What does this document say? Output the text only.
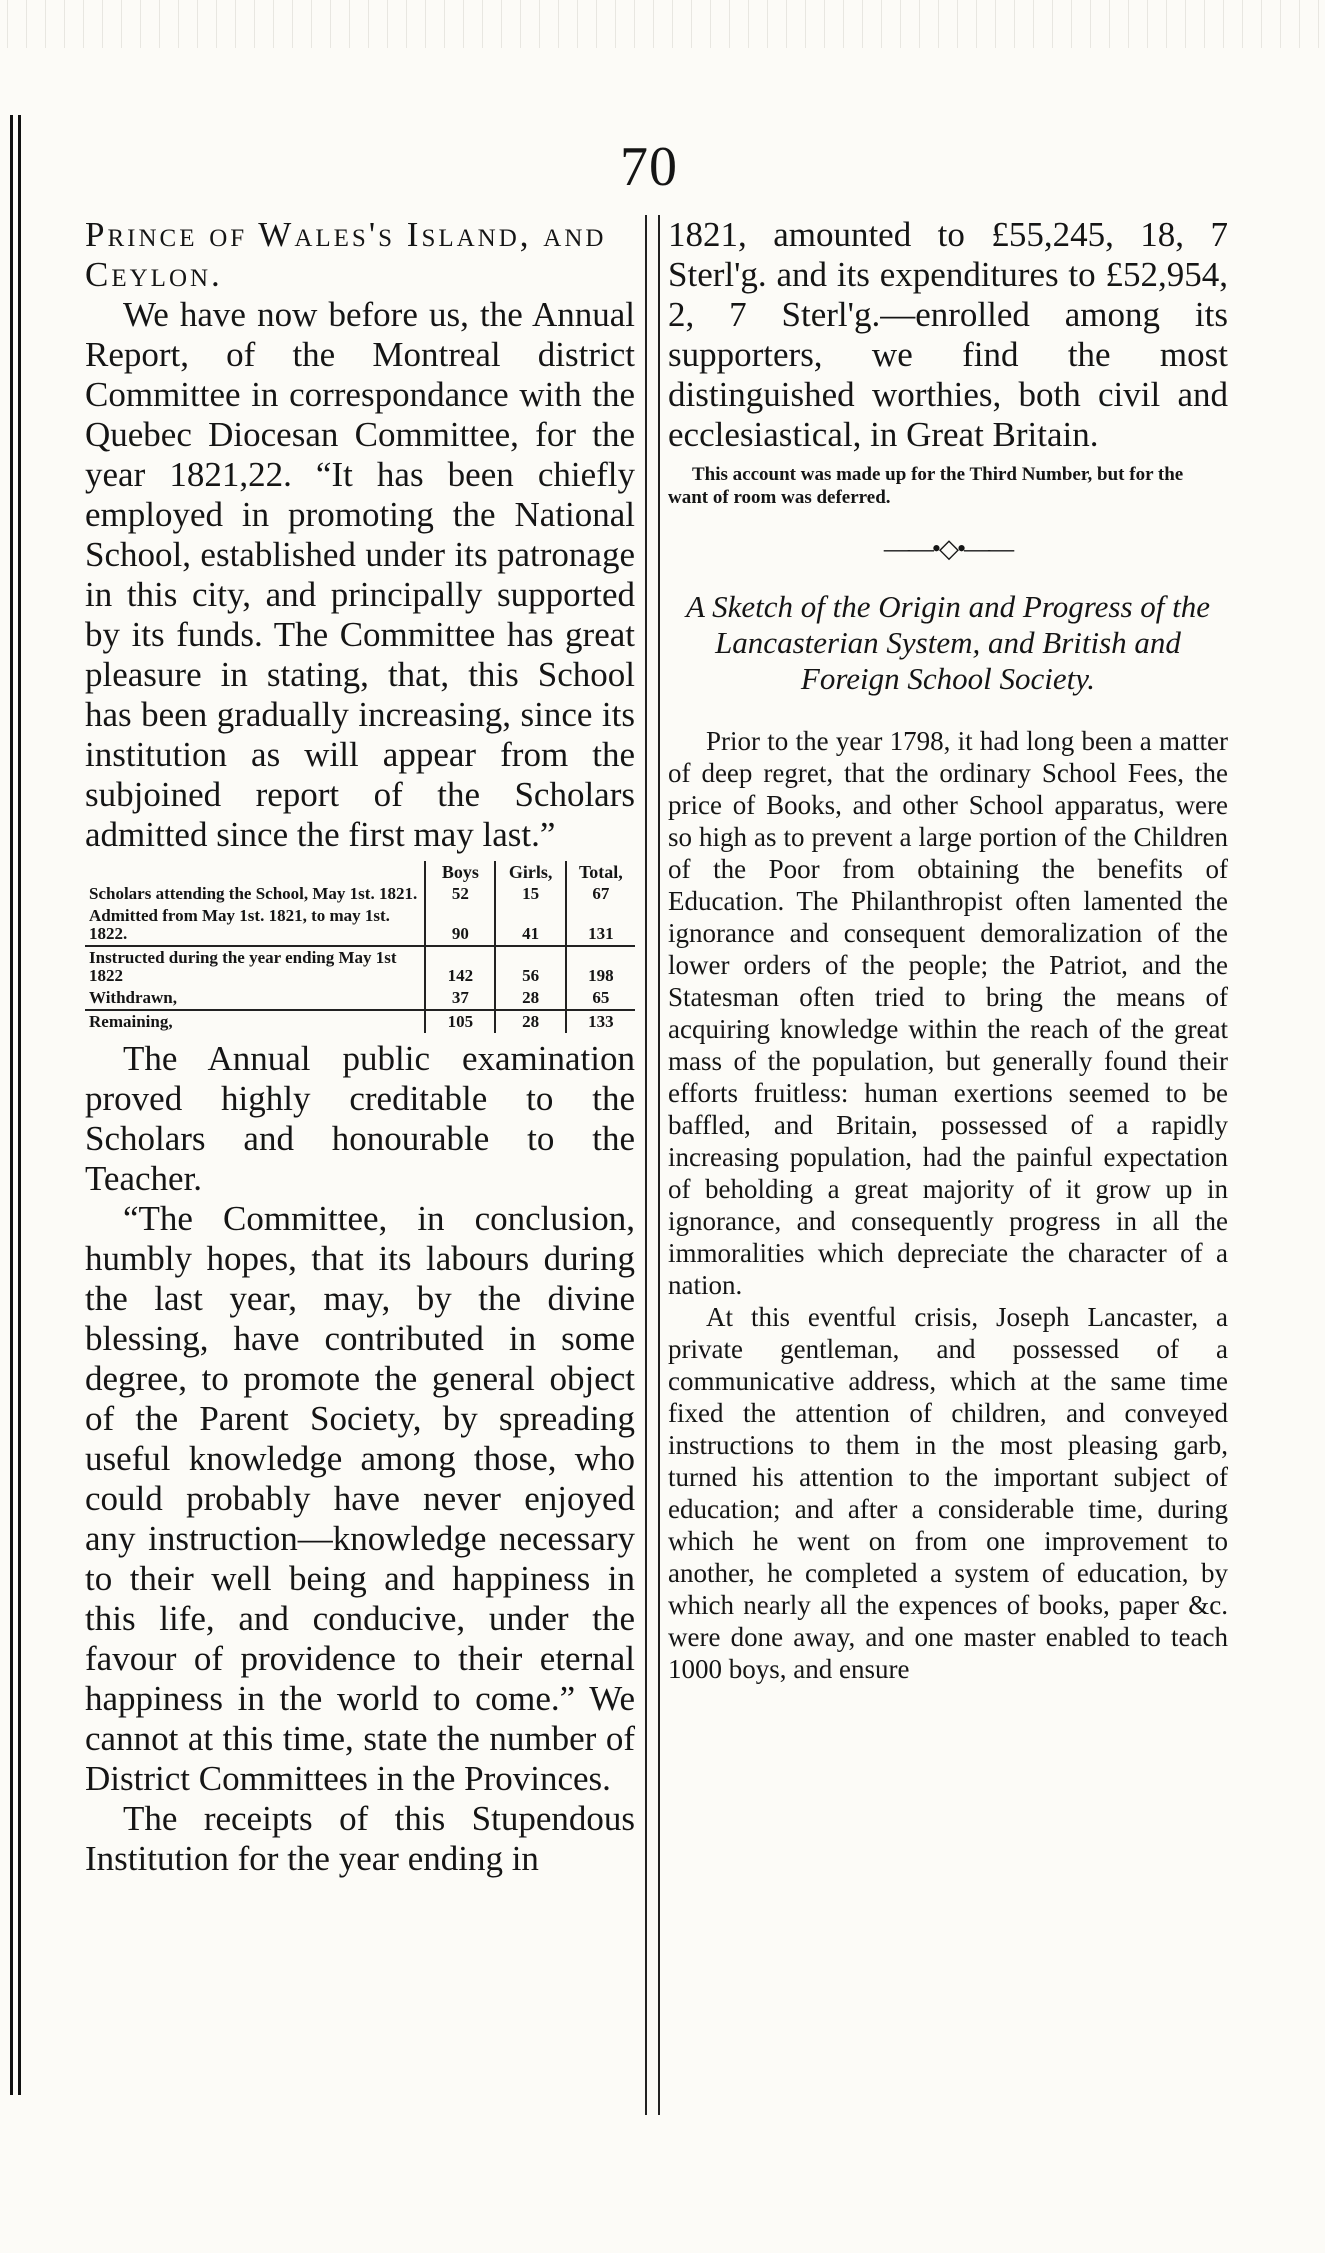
70

Prince of Wales's Island, and Ceylon.

We have now before us, the Annual Report, of the Montreal district Committee in correspondance with the Quebec Diocesan Committee, for the year 1821,22. “It has been chiefly employed in promoting the National School, established under its patronage in this city, and principally supported by its funds. The Committee has great pleasure in stating, that, this School has been gradually increasing, since its institution as will appear from the subjoined report of the Scholars admitted since the first may last.”

	Boys	Girls,	Total,
Scholars attending the School, May 1st. 1821.	52	15	67
Admitted from May 1st. 1821, to may 1st. 1822.	90	41	131
Instructed during the year ending May 1st 1822	142	56	198
Withdrawn,	37	28	65
Remaining,	105	28	133

The Annual public examination proved highly creditable to the Scholars and honourable to the Teacher.

“The Committee, in conclusion, humbly hopes, that its labours during the last year, may, by the divine blessing, have contributed in some degree, to promote the general object of the Parent Society, by spreading useful knowledge among those, who could probably have never enjoyed any instruction—knowledge necessary to their well being and happiness in this life, and conducive, under the favour of providence to their eternal happiness in the world to come.” We cannot at this time, state the number of District Committees in the Provinces.

The receipts of this Stupendous Institution for the year ending in

1821, amounted to £55,245, 18, 7 Sterl'g. and its expenditures to £52,954, 2, 7 Sterl'g.—enrolled among its supporters, we find the most distinguished worthies, both civil and ecclesiastical, in Great Britain.

This account was made up for the Third Number, but for the want of room was deferred.

——•◇•——

A Sketch of the Origin and Progress of the Lancasterian System, and British and Foreign School Society.

Prior to the year 1798, it had long been a matter of deep regret, that the ordinary School Fees, the price of Books, and other School apparatus, were so high as to prevent a large portion of the Children of the Poor from obtaining the benefits of Education. The Philanthropist often lamented the ignorance and consequent demoralization of the lower orders of the people; the Patriot, and the Statesman often tried to bring the means of acquiring knowledge within the reach of the great mass of the population, but generally found their efforts fruitless: human exertions seemed to be baffled, and Britain, possessed of a rapidly increasing population, had the painful expectation of beholding a great majority of it grow up in ignorance, and consequently progress in all the immoralities which depreciate the character of a nation.

At this eventful crisis, Joseph Lancaster, a private gentleman, and possessed of a communicative address, which at the same time fixed the attention of children, and conveyed instructions to them in the most pleasing garb, turned his attention to the important subject of education; and after a considerable time, during which he went on from one improvement to another, he completed a system of education, by which nearly all the expences of books, paper &c. were done away, and one master enabled to teach 1000 boys, and ensure
